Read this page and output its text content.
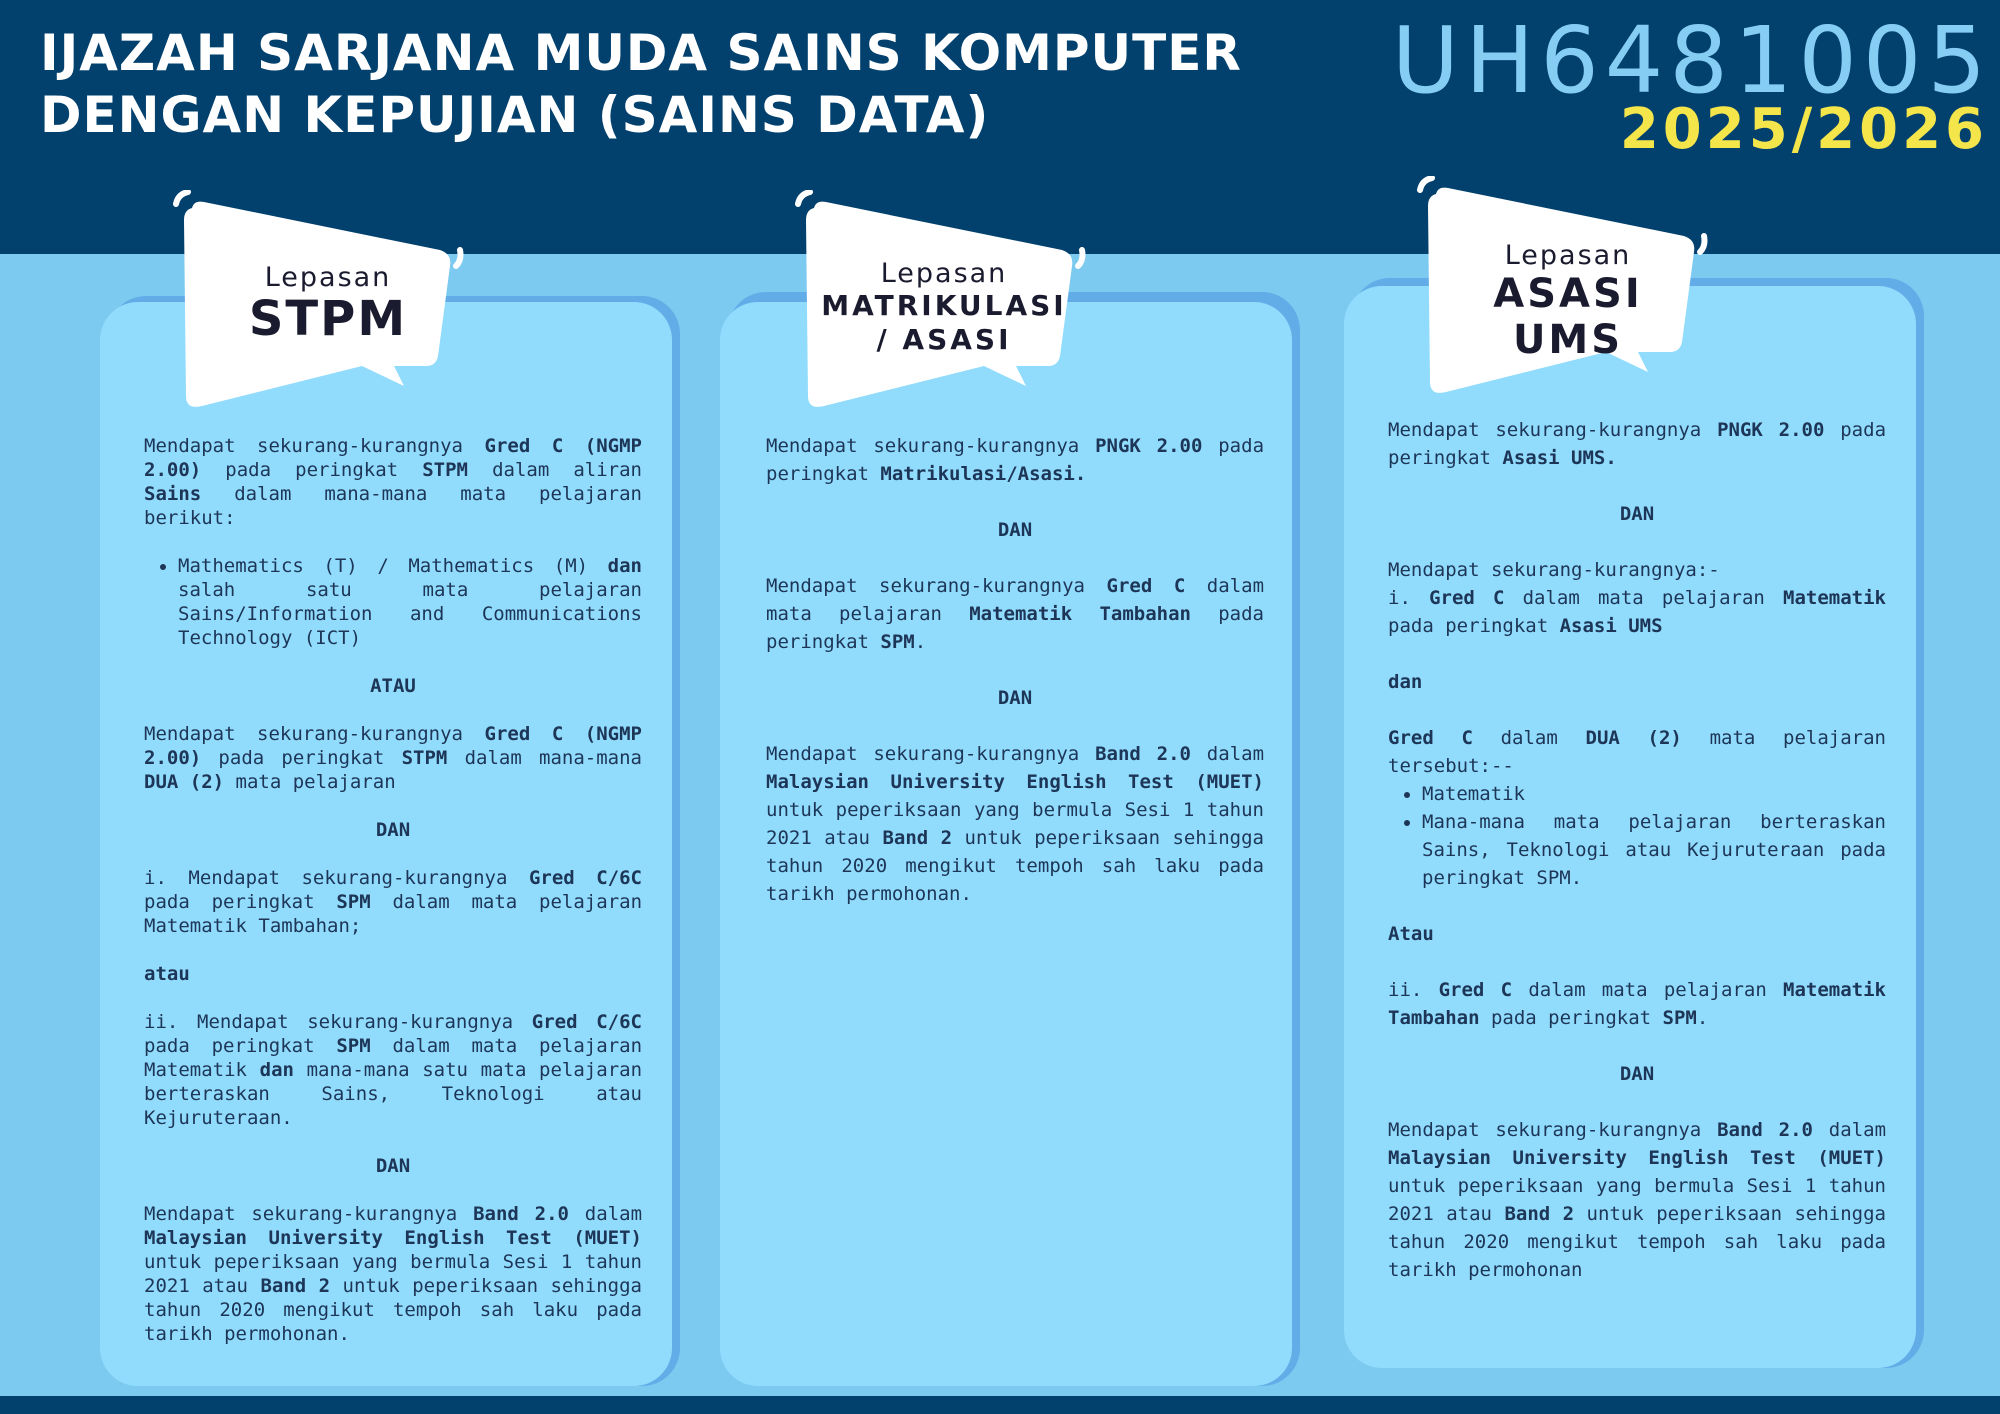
IJAZAH SARJANA MUDA SAINS KOMPUTER
DENGAN KEPUJIAN (SAINS DATA)
UH6481005
2025/2026
Lepasan
STPM
Lepasan
MATRIKULASI
/ ASASI
Lepasan
ASASI
UMS
Mendapat sekurang-kurangnya Gred C (NGMP 2.00) pada peringkat STPM dalam aliran Sains dalam mana-mana mata pelajaran berikut:
• Mathematics (T) / Mathematics (M) dan salah satu mata pelajaran Sains/Information and Communications Technology (ICT)
ATAU
Mendapat sekurang-kurangnya Gred C (NGMP 2.00) pada peringkat STPM dalam mana-mana DUA (2) mata pelajaran
DAN
i. Mendapat sekurang-kurangnya Gred C/6C pada peringkat SPM dalam mata pelajaran Matematik Tambahan;
atau
ii. Mendapat sekurang-kurangnya Gred C/6C pada peringkat SPM dalam mata pelajaran Matematik dan mana-mana satu mata pelajaran berteraskan Sains, Teknologi atau Kejuruteraan.
DAN
Mendapat sekurang-kurangnya Band 2.0 dalam Malaysian University English Test (MUET) untuk peperiksaan yang bermula Sesi 1 tahun 2021 atau Band 2 untuk peperiksaan sehingga tahun 2020 mengikut tempoh sah laku pada tarikh permohonan.
Mendapat sekurang-kurangnya PNGK 2.00 pada peringkat Matrikulasi/Asasi.
DAN
Mendapat sekurang-kurangnya Gred C dalam mata pelajaran Matematik Tambahan pada peringkat SPM.
DAN
Mendapat sekurang-kurangnya Band 2.0 dalam Malaysian University English Test (MUET) untuk peperiksaan yang bermula Sesi 1 tahun 2021 atau Band 2 untuk peperiksaan sehingga tahun 2020 mengikut tempoh sah laku pada tarikh permohonan.
Mendapat sekurang-kurangnya PNGK 2.00 pada peringkat Asasi UMS.
DAN
Mendapat sekurang-kurangnya:-
i. Gred C dalam mata pelajaran Matematik pada peringkat Asasi UMS
dan
Gred C dalam DUA (2) mata pelajaran tersebut:--
• Matematik
• Mana-mana mata pelajaran berteraskan Sains, Teknologi atau Kejuruteraan pada peringkat SPM.
Atau
ii. Gred C dalam mata pelajaran Matematik Tambahan pada peringkat SPM.
DAN
Mendapat sekurang-kurangnya Band 2.0 dalam Malaysian University English Test (MUET) untuk peperiksaan yang bermula Sesi 1 tahun 2021 atau Band 2 untuk peperiksaan sehingga tahun 2020 mengikut tempoh sah laku pada tarikh permohonan
